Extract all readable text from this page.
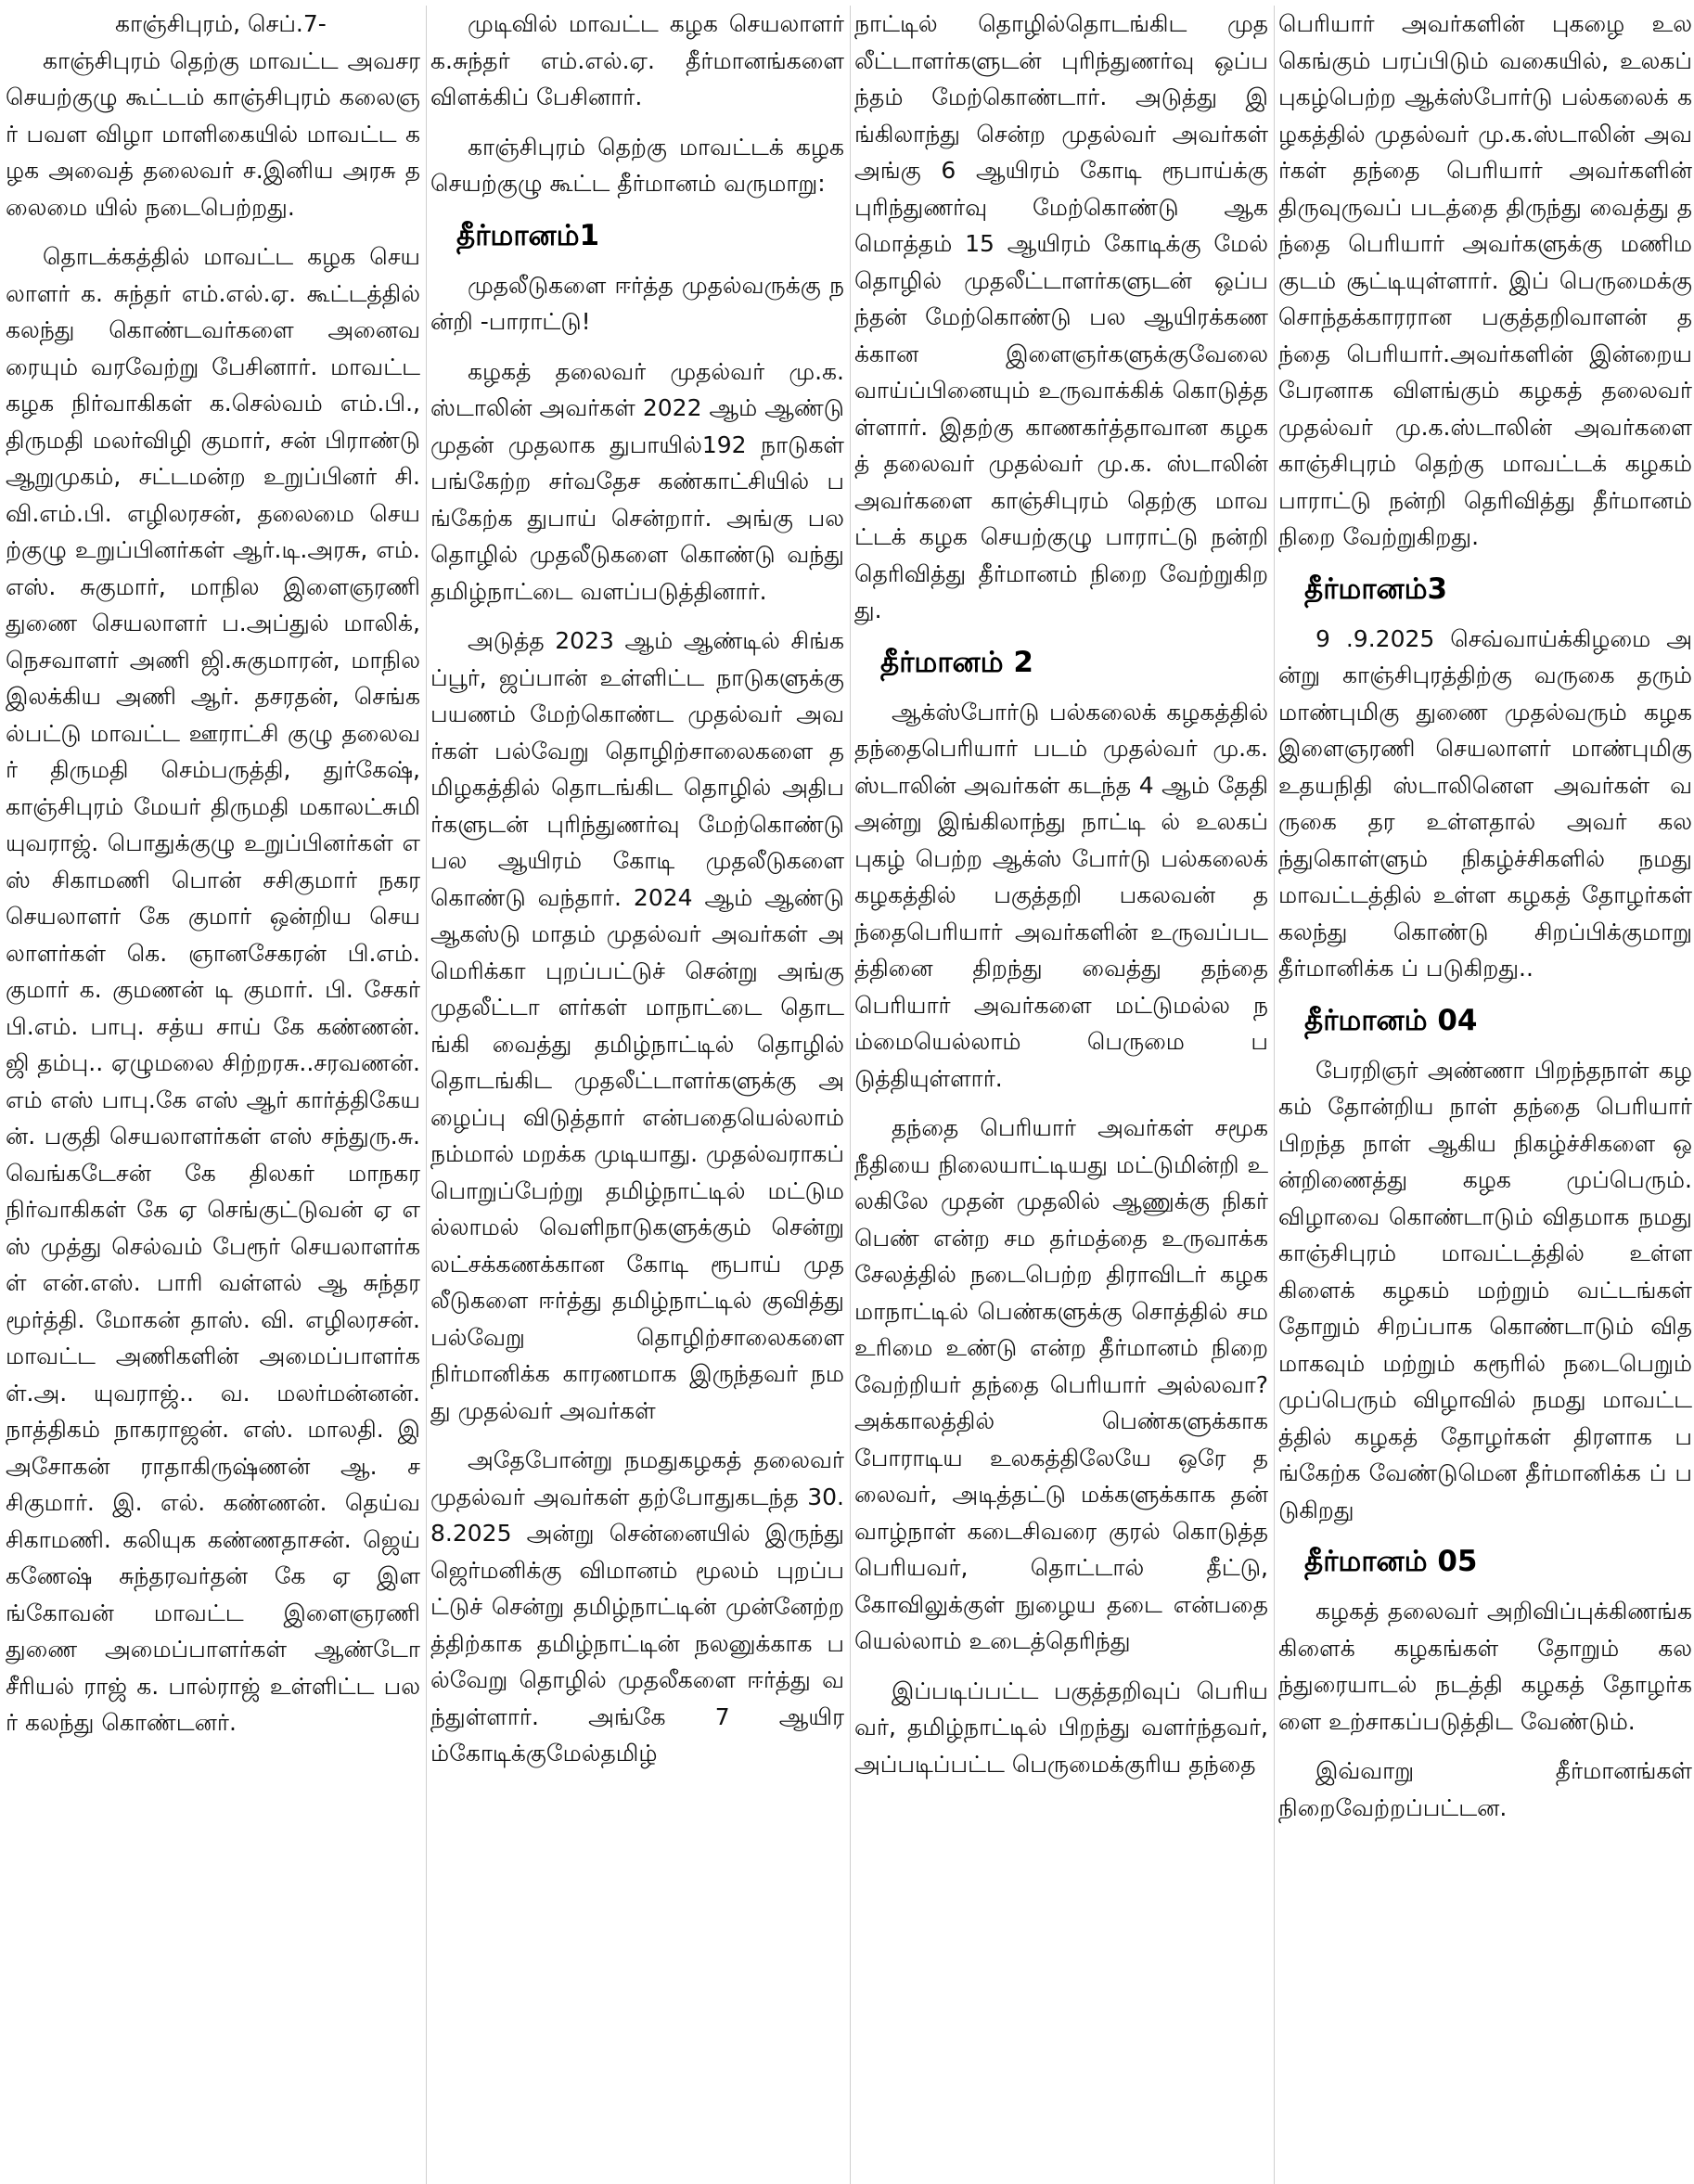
காஞ்சிபுரம், செப்.7-
காஞ்சிபுரம் தெற்கு மாவட்ட அவசர செயற்குழு கூட்டம் காஞ்சிபுரம் கலைஞர் பவள விழா மாளிகையில் மாவட்ட கழக அவைத் தலைவர் ச.இனிய அரசு தலைமை யில் நடைபெற்றது.

தொடக்கத்தில் மாவட்ட கழக செயலாளர் க. சுந்தர் எம்.எல்.ஏ. கூட்டத்தில் கலந்து கொண்டவர்களை அனைவரையும் வரவேற்று பேசினார். மாவட்ட கழக நிர்வாகிகள் க.செல்வம் எம்.பி., திருமதி மலர்விழி குமார், சன் பிராண்டு ஆறுமுகம், சட்டமன்ற உறுப்பினர் சி.வி.எம்.பி. எழிலரசன், தலைமை செயற்குழு உறுப்பினர்கள் ஆர்.டி.அரசு, எம்.எஸ். சுகுமார், மாநில இளைஞரணி துணை செயலாளர் ப.அப்துல் மாலிக், நெசவாளர் அணி ஜி.சுகுமாரன், மாநில இலக்கிய அணி ஆர். தசரதன், செங்கல்பட்டு மாவட்ட ஊராட்சி குழு தலைவர் திருமதி செம்பருத்தி, துர்கேஷ், காஞ்சிபுரம் மேயர் திருமதி மகாலட்சுமி யுவராஜ். பொதுக்குழு உறுப்பினர்கள் எஸ் சிகாமணி பொன் சசிகுமார் நகர செயலாளர் கே குமார் ஒன்றிய செயலாளர்கள் கெ. ஞானசேகரன் பி.எம். குமார் க. குமணன் டி குமார். பி. சேகர் பி.எம். பாபு. சத்ய சாய் கே கண்ணன். ஜி தம்பு.. ஏழுமலை சிற்றரசு..சரவணன். எம் எஸ் பாபு.கே எஸ் ஆர் கார்த்திகேயன். பகுதி செயலாளர்கள் எஸ் சந்துரு.சு. வெங்கடேசன் கே திலகர் மாநகர நிர்வாகிகள் கே ஏ செங்குட்டுவன் ஏ எஸ் முத்து செல்வம் பேரூர் செயலாளர்கள் என்.எஸ். பாரி வள்ளல் ஆ சுந்தரமூர்த்தி. மோகன் தாஸ். வி. எழிலரசன். மாவட்ட அணிகளின் அமைப்பாளர்கள்.அ. யுவராஜ்.. வ. மலர்மன்னன்.நாத்திகம் நாகராஜன். எஸ். மாலதி. இ அசோகன் ராதாகிருஷ்ணன் ஆ. சசிகுமார். இ. எல். கண்ணன். தெய்வசிகாமணி. கலியுக கண்ணதாசன். ஜெய் கணேஷ் சுந்தரவர்தன் கே ஏ இளங்கோவன் மாவட்ட இளைஞரணி துணை அமைப்பாளர்கள் ஆண்டோ சீரியல் ராஜ் க. பால்ராஜ் உள்ளிட்ட பலர் கலந்து கொண்டனர்.

முடிவில் மாவட்ட கழக செயலாளர் க.சுந்தர் எம்.எல்.ஏ. தீர்மானங்களை விளக்கிப் பேசினார்.

காஞ்சிபுரம் தெற்கு மாவட்டக் கழக செயற்குழு கூட்ட தீர்மானம் வருமாறு:

தீர்மானம்1

முதலீடுகளை ஈர்த்த முதல்வருக்கு நன்றி -பாராட்டு!

கழகத் தலைவர் முதல்வர் மு.க.ஸ்டாலின் அவர்கள் 2022 ஆம் ஆண்டு முதன் முதலாக துபாயில்192 நாடுகள் பங்கேற்ற சர்வதேச கண்காட்சியில் பங்கேற்க துபாய் சென்றார். அங்கு பல தொழில் முதலீடுகளை கொண்டு வந்து தமிழ்நாட்டை வளப்படுத்தினார்.

அடுத்த 2023 ஆம் ஆண்டில் சிங்கப்பூர், ஜப்பான் உள்ளிட்ட நாடுகளுக்கு பயணம் மேற்கொண்ட முதல்வர் அவர்கள் பல்வேறு தொழிற்சாலைகளை தமிழகத்தில் தொடங்கிட தொழில் அதிபர்களுடன் புரிந்துணர்வு மேற்கொண்டு பல ஆயிரம் கோடி முதலீடுகளை கொண்டு வந்தார். 2024 ஆம் ஆண்டு ஆகஸ்டு மாதம் முதல்வர் அவர்கள் அமெரிக்கா புறப்பட்டுச் சென்று அங்கு முதலீட்டா ளர்கள் மாநாட்டை தொடங்கி வைத்து தமிழ்நாட்டில் தொழில் தொடங்கிட முதலீட்டாளர்களுக்கு அழைப்பு விடுத்தார் என்பதையெல்லாம் நம்மால் மறக்க முடியாது. முதல்வராகப் பொறுப்பேற்று தமிழ்நாட்டில் மட்டுமல்லாமல் வெளிநாடுகளுக்கும் சென்று லட்சக்கணக்கான கோடி ரூபாய் முதலீடுகளை ஈர்த்து தமிழ்நாட்டில் குவித்து பல்வேறு தொழிற்சாலைகளை நிர்மானிக்க காரணமாக இருந்தவர் நமது முதல்வர் அவர்கள்

அதேபோன்று நமதுகழகத் தலைவர் முதல்வர் அவர்கள் தற்போதுகடந்த 30.8.2025 அன்று சென்னையில் இருந்து ஜெர்மனிக்கு விமானம் மூலம் புறப்பட்டுச் சென்று தமிழ்நாட்டின் முன்னேற்றத்திற்காக தமிழ்நாட்டின் நலனுக்காக பல்வேறு தொழில் முதலீகளை ஈர்த்து வந்துள்ளார். அங்கே 7 ஆயிரம்கோடிக்குமேல்தமிழ்

நாட்டில் தொழில்தொடங்கிட முதலீட்டாளர்களுடன் புரிந்துணர்வு ஒப்பந்தம் மேற்கொண்டார். அடுத்து இங்கிலாந்து சென்ற முதல்வர் அவர்கள் அங்கு 6 ஆயிரம் கோடி ரூபாய்க்கு புரிந்துணர்வு மேற்கொண்டு ஆக மொத்தம் 15 ஆயிரம் கோடிக்கு மேல் தொழில் முதலீட்டாளர்களுடன் ஒப்பந்தன் மேற்கொண்டு பல ஆயிரக்கணக்கான இளைஞர்களுக்குவேலை வாய்ப்பினையும் உருவாக்கிக் கொடுத்தள்ளார். இதற்கு காணகர்த்தாவான கழகத் தலைவர் முதல்வர் மு.க. ஸ்டாலின் அவர்களை காஞ்சிபுரம் தெற்கு மாவட்டக் கழக செயற்குழு பாராட்டு நன்றி தெரிவித்து தீர்மானம் நிறை வேற்றுகிறது.

தீர்மானம் 2

ஆக்ஸ்போர்டு பல்கலைக் கழகத்தில் தந்தைபெரியார் படம் முதல்வர் மு.க.ஸ்டாலின் அவர்கள் கடந்த 4 ஆம் தேதி அன்று இங்கிலாந்து நாட்டி ல் உலகப் புகழ் பெற்ற ஆக்ஸ் போர்டு பல்கலைக் கழகத்தில் பகுத்தறி பகலவன் தந்தைபெரியார் அவர்களின் உருவப்படத்தினை திறந்து வைத்து தந்தை பெரியார் அவர்களை மட்டுமல்ல நம்மையெல்லாம் பெருமை படுத்தியுள்ளார்.

தந்தை பெரியார் அவர்கள் சமூக நீதியை நிலையாட்டியது மட்டுமின்றி உலகிலே முதன் முதலில் ஆணுக்கு நிகர் பெண் என்ற சம தர்மத்தை உருவாக்க சேலத்தில் நடைபெற்ற திராவிடர் கழக மாநாட்டில் பெண்களுக்கு சொத்தில் சம உரிமை உண்டு என்ற தீர்மானம் நிறை வேற்றியர் தந்தை பெரியார் அல்லவா? அக்காலத்தில் பெண்களுக்காக போராடிய உலகத்திலேயே ஒரே தலைவர், அடித்தட்டு மக்களுக்காக தன் வாழ்நாள் கடைசிவரை குரல் கொடுத்த பெரியவர், தொட்டால் தீட்டு, கோவிலுக்குள் நுழைய தடை என்பதை யெல்லாம் உடைத்தெரிந்து

இப்படிப்பட்ட பகுத்தறிவுப் பெரியவர், தமிழ்நாட்டில் பிறந்து வளர்ந்தவர், அப்படிப்பட்ட பெருமைக்குரிய தந்தை

பெரியார் அவர்களின் புகழை உலகெங்கும் பரப்பிடும் வகையில், உலகப் புகழ்பெற்ற ஆக்ஸ்போர்டு பல்கலைக் கழகத்தில் முதல்வர் மு.க.ஸ்டாலின் அவர்கள் தந்தை பெரியார் அவர்களின் திருவுருவப் படத்தை திருந்து வைத்து தந்தை பெரியார் அவர்களுக்கு மணிமகுடம் சூட்டியுள்ளார். இப் பெருமைக்கு சொந்தக்காரரான பகுத்தறிவாளன் தந்தை பெரியார்.அவர்களின் இன்றைய பேரனாக விளங்கும் கழகத் தலைவர் முதல்வர் மு.க.ஸ்டாலின் அவர்களை காஞ்சிபுரம் தெற்கு மாவட்டக் கழகம் பாராட்டு நன்றி தெரிவித்து தீர்மானம் நிறை வேற்றுகிறது.

தீர்மானம்3

9 .9.2025 செவ்வாய்க்கிழமை அன்று காஞ்சிபுரத்திற்கு வருகை தரும் மாண்புமிகு துணை முதல்வரும் கழக இளைஞரணி செயலாளர் மாண்புமிகு உதயநிதி ஸ்டாலினெள அவர்கள் வருகை தர உள்ளதால் அவர் கலந்துகொள்ளும் நிகழ்ச்சிகளில் நமது மாவட்டத்தில் உள்ள கழகத் தோழர்கள் கலந்து கொண்டு சிறப்பிக்குமாறு தீர்மானிக்க ப் படுகிறது..

தீர்மானம் 04

பேரறிஞர் அண்ணா பிறந்தநாள் கழகம் தோன்றிய நாள் தந்தை பெரியார் பிறந்த நாள் ஆகிய நிகழ்ச்சிகளை ஒன்றிணைத்து கழக முப்பெரும். விழாவை கொண்டாடும் விதமாக நமது காஞ்சிபுரம் மாவட்டத்தில் உள்ள கிளைக் கழகம் மற்றும் வட்டங்கள் தோறும் சிறப்பாக கொண்டாடும் விதமாகவும் மற்றும் கரூரில் நடைபெறும் முப்பெரும் விழாவில் நமது மாவட்டத்தில் கழகத் தோழர்கள் திரளாக பங்கேற்க வேண்டுமென தீர்மானிக்க ப் படுகிறது

தீர்மானம் 05

கழகத் தலைவர் அறிவிப்புக்கிணங்க கிளைக் கழகங்கள் தோறும் கலந்துரையாடல் நடத்தி கழகத் தோழர்களை உற்சாகப்படுத்திட வேண்டும்.

இவ்வாறு தீர்மானங்கள் நிறைவேற்றப்பட்டன.
